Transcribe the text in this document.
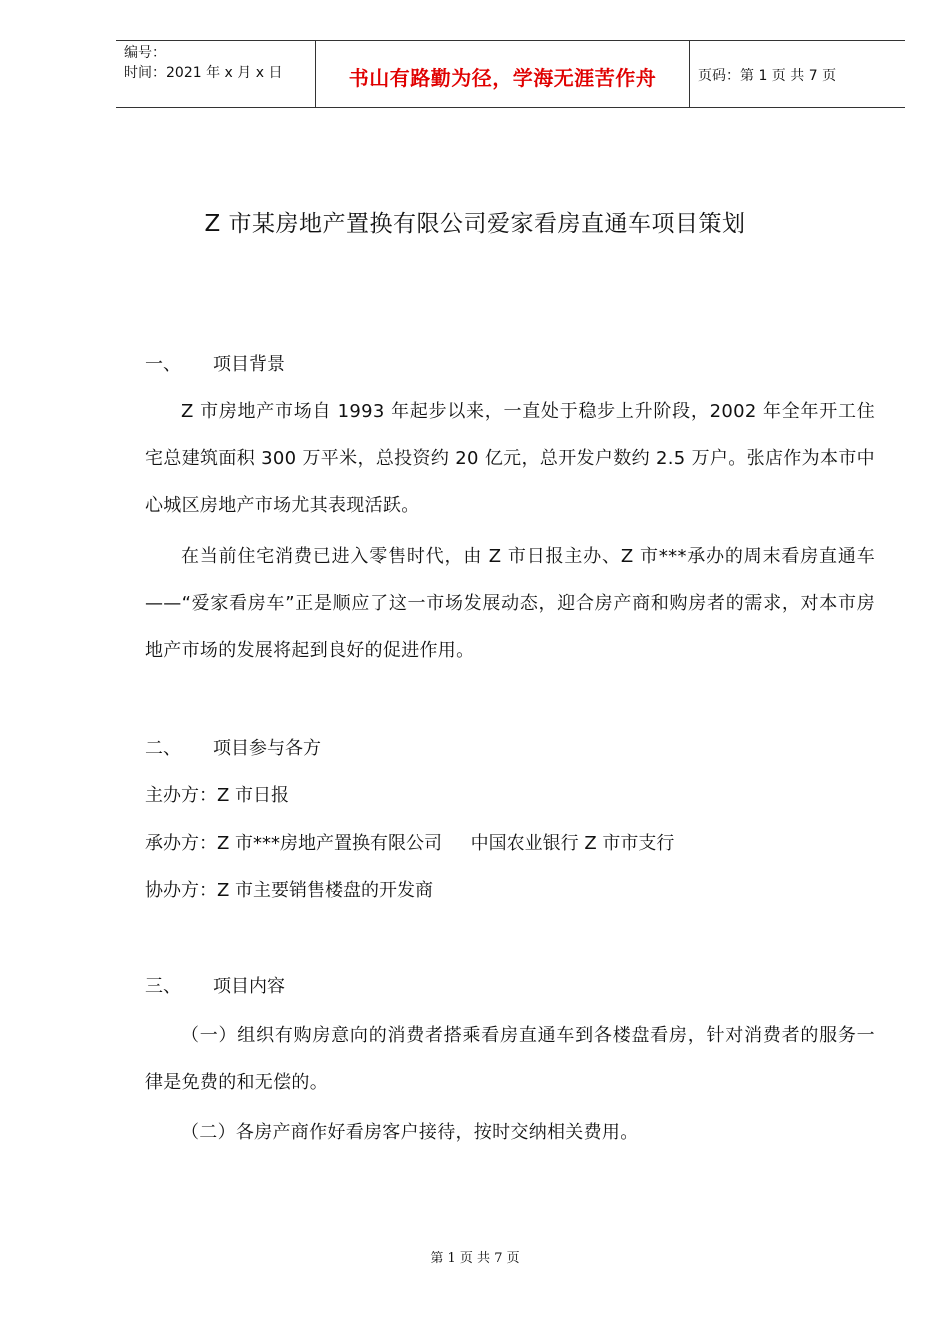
编号：
时间：2021 年 x 月 x 日	书山有路勤为径，学海无涯苦作舟	页码：第 1 页 共 7 页
Z 市某房地产置换有限公司爱家看房直通车项目策划
一、 项目背景

Z 市房地产市场自 1993 年起步以来，一直处于稳步上升阶段，2002 年全年开工住宅总建筑面积 300 万平米，总投资约 20 亿元，总开发户数约 2.5 万户。张店作为本市中心城区房地产市场尤其表现活跃。

在当前住宅消费已进入零售时代，由 Z 市日报主办、Z 市***承办的周末看房直通车——“爱家看房车”正是顺应了这一市场发展动态，迎合房产商和购房者的需求，对本市房地产市场的发展将起到良好的促进作用。

二、 项目参与各方
主办方：Z 市日报
承办方：Z 市***房地产置换有限公司     中国农业银行 Z 市市支行
协办方：Z 市主要销售楼盘的开发商
三、 项目内容

（一）组织有购房意向的消费者搭乘看房直通车到各楼盘看房，针对消费者的服务一律是免费的和无偿的。

（二）各房产商作好看房客户接待，按时交纳相关费用。

第 1 页 共 7 页
